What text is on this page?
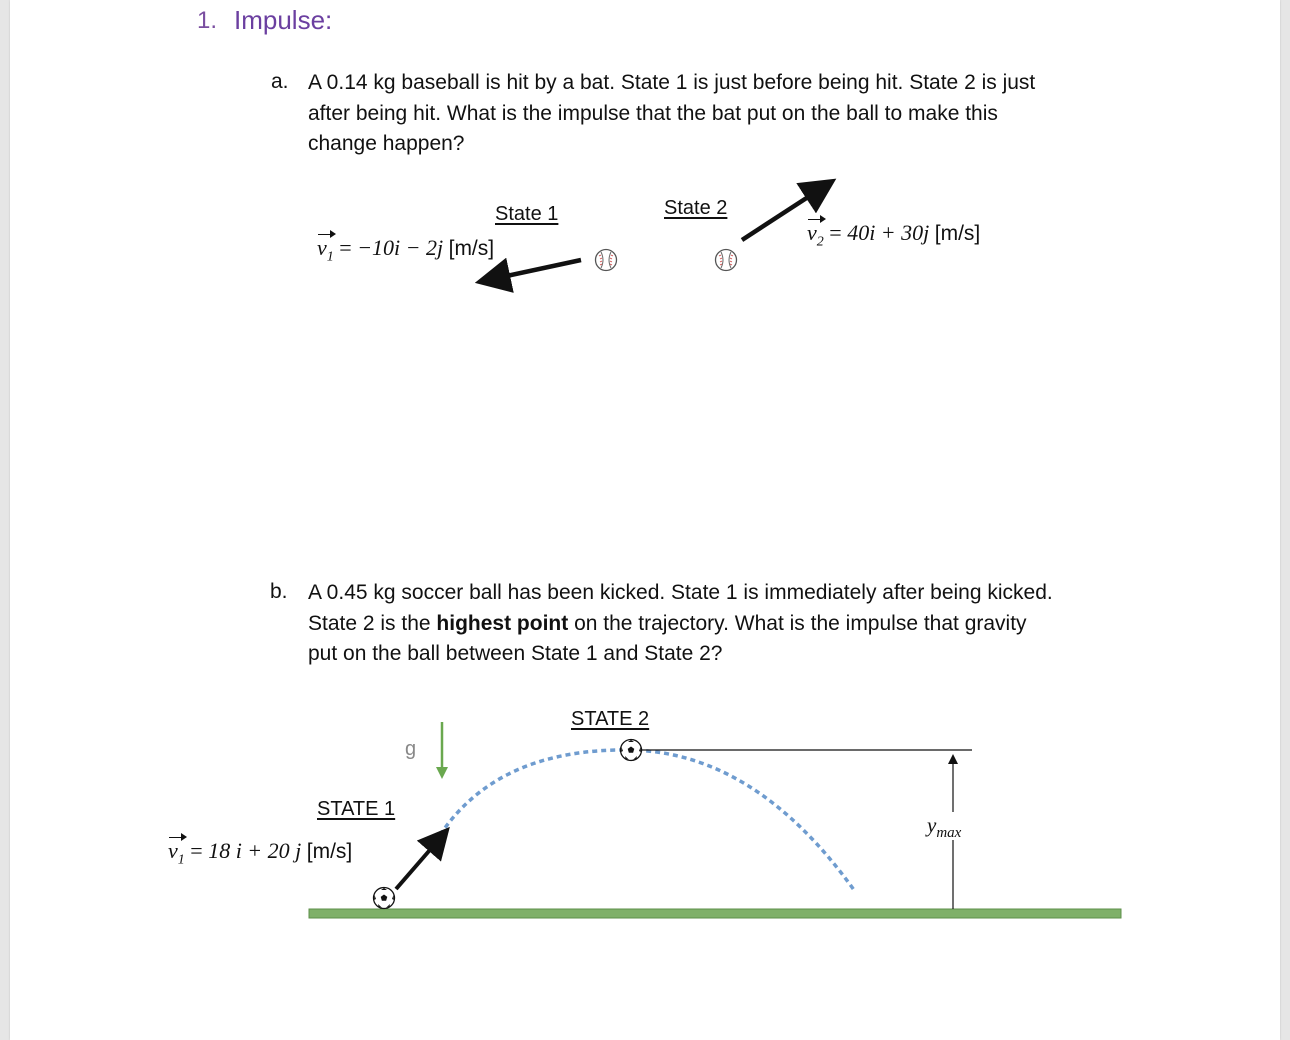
1. Impulse:
a. A 0.14 kg baseball is hit by a bat. State 1 is just before being hit. State 2 is just
after being hit. What is the impulse that the bat put on the ball to make this
change happen?
State 1	State 2
$v_1 = -10i - 2j$ [m/s]
$v_2 = 40i + 30j$ [m/s]
b. A 0.45 kg soccer ball has been kicked. State 1 is immediately after being kicked.
State 2 is the highest point on the trajectory. What is the impulse that gravity
put on the ball between State 1 and State 2?
STATE 2
STATE 1
g
$v_1 = 18$ i + 20 j [m/s]
$y_{max}$
